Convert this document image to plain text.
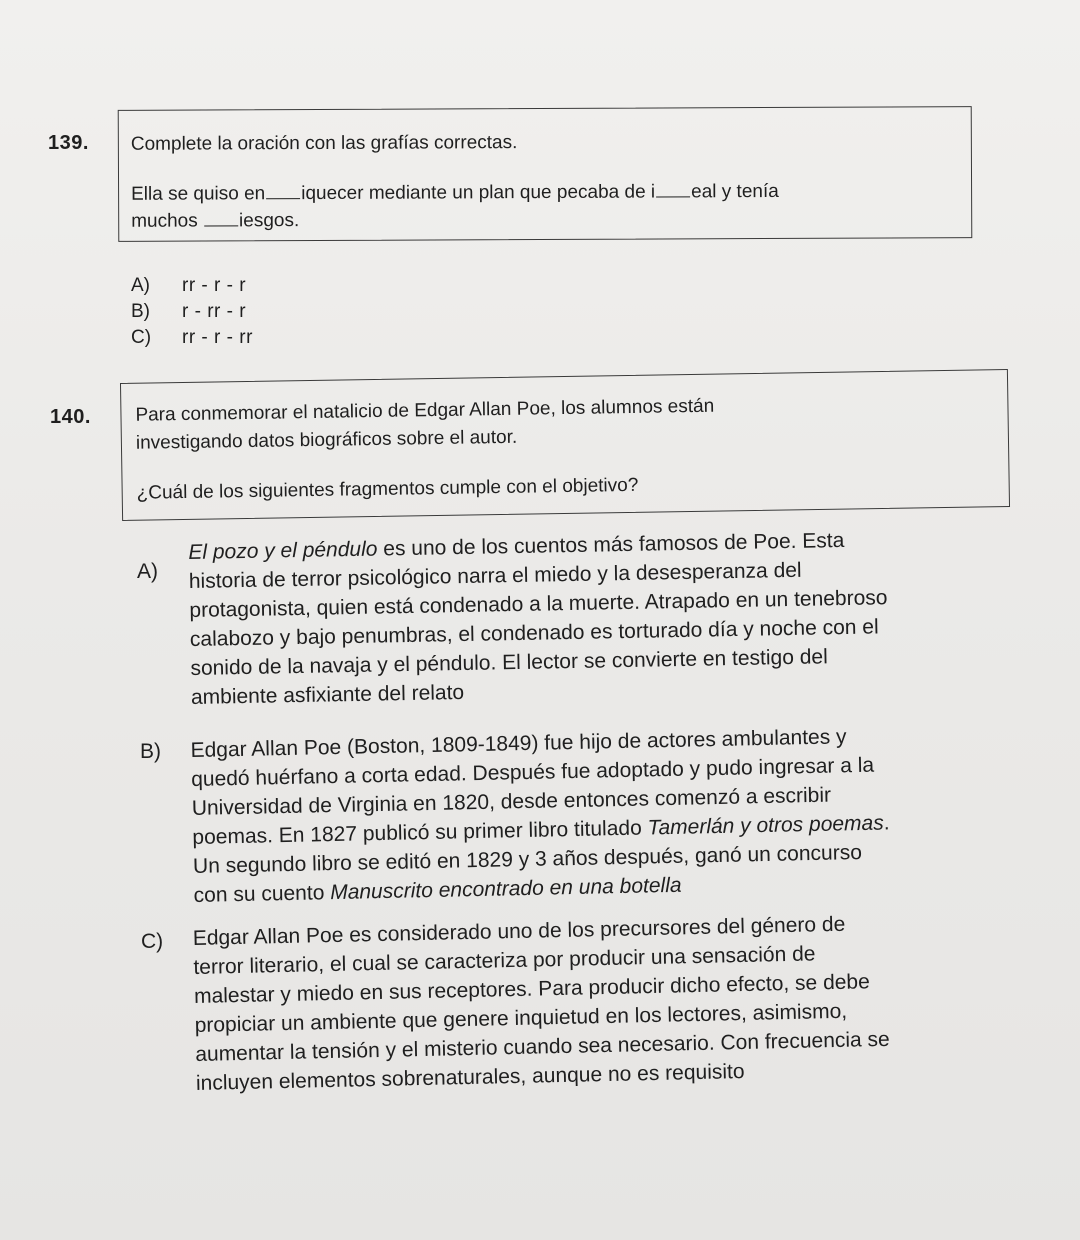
139. Complete la oración con las grafías correctas.
Ella se quiso en iquecer mediante un plan que pecaba de i eal y tenía
muchos iesgos.
A) rr - r - r
B) r - rr - r
C) rr - r - rr
140. Para conmemorar el natalicio de Edgar Allan Poe, los alumnos están
investigando datos biográficos sobre el autor.
¿Cuál de los siguientes fragmentos cumple con el objetivo?
A)
El pozo y el péndulo es uno de los cuentos más famosos de Poe. Esta
historia de terror psicológico narra el miedo y la desesperanza del
protagonista, quien está condenado a la muerte. Atrapado en un tenebroso
calabozo y bajo penumbras, el condenado es torturado día y noche con el
sonido de la navaja y el péndulo. El lector se convierte en testigo del
ambiente asfixiante del relato
B) Edgar Allan Poe (Boston, 1809-1849) fue hijo de actores ambulantes y
quedó huérfano a corta edad. Después fue adoptado y pudo ingresar a la
Universidad de Virginia en 1820, desde entonces comenzó a escribir
poemas. En 1827 publicó su primer libro titulado Tamerlán y otros poemas.
Un segundo libro se editó en 1829 y 3 años después, ganó un concurso
con su cuento Manuscrito encontrado en una botella
C) Edgar Allan Poe es considerado uno de los precursores del género de
terror literario, el cual se caracteriza por producir una sensación de
malestar y miedo en sus receptores. Para producir dicho efecto, se debe
propiciar un ambiente que genere inquietud en los lectores, asimismo,
aumentar la tensión y el misterio cuando sea necesario. Con frecuencia se
incluyen elementos sobrenaturales, aunque no es requisito
